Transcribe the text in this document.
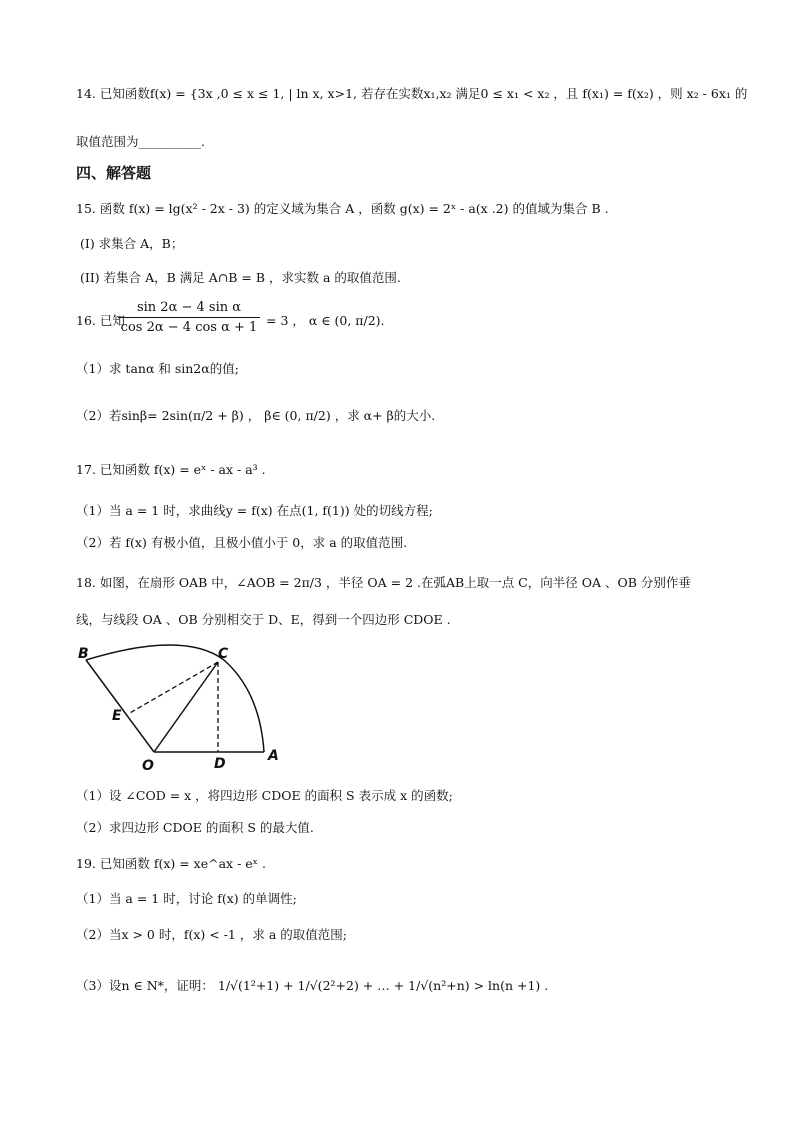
14. 已知函数f(x) = {3x ,0 ≤ x ≤ 1, | ln x, x>1, 若存在实数x₁,x₂ 满足0 ≤ x₁ < x₂ ，且 f(x₁) = f(x₂) ，则 x₂ - 6x₁ 的
取值范围为__________.
四、解答题
15. 函数 f(x) = lg(x² - 2x - 3) 的定义域为集合 A ，函数 g(x) = 2ˣ - a(x .2) 的值域为集合 B .
(I) 求集合 A，B；
(II) 若集合 A，B 满足 A∩B = B ，求实数 a 的取值范围.
16. 已知
$\frac{\text{sin 2α − 4 sin α}}{\text{cos 2α − 4 cos α + 1}} = 3$ ， α ∈ (0, π/2).
（1）求 tanα 和 sin2α的值;
（2）若sinβ= 2sin(π/2 + β) ， β∈ (0, π/2) ，求 α+ β的大小.
17. 已知函数 f(x) = eˣ - ax - a³ .
（1）当 a = 1 时，求曲线y = f(x) 在点(1, f(1)) 处的切线方程;
（2）若 f(x) 有极小值，且极小值小于 0，求 a 的取值范围.
18. 如图，在扇形 OAB 中，∠AOB = 2π/3 ，半径 OA = 2 .在弧AB上取一点 C，向半径 OA 、OB 分别作垂
线，与线段 OA 、OB 分别相交于 D、E，得到一个四边形 CDOE .
B	C
E
O	D	A
（1）设 ∠COD = x ，将四边形 CDOE 的面积 S 表示成 x 的函数;
（2）求四边形 CDOE 的面积 S 的最大值.
19. 已知函数 f(x) = xe^ax - eˣ .
（1）当 a = 1 时，讨论 f(x) 的单调性;
（2）当x > 0 时，f(x) < -1 ，求 a 的取值范围;
（3）设n ∈ N*，证明： 1/√(1²+1) + 1/√(2²+2) + … + 1/√(n²+n) > ln(n +1) .
